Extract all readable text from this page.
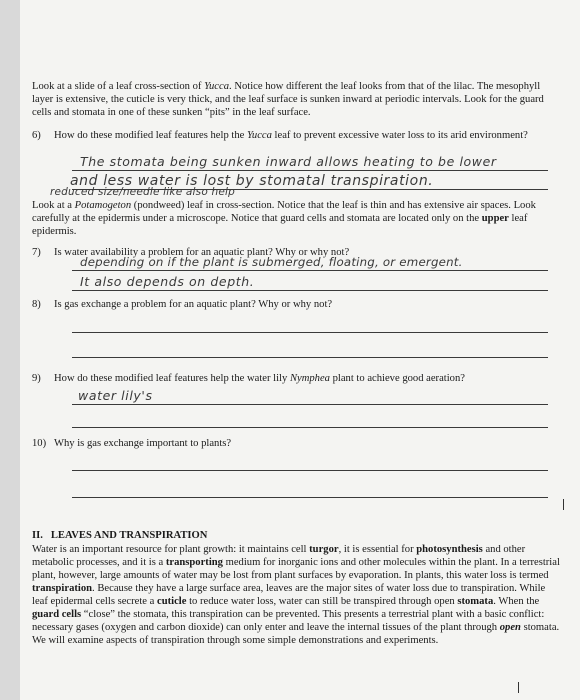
Look at a slide of a leaf cross-section of Yucca. Notice how different the leaf looks from that of the lilac. The mesophyll layer is extensive, the cuticle is very thick, and the leaf surface is sunken inward at periodic intervals. Look for the guard cells and stomata in one of these sunken “pits” in the leaf surface.

6) How do these modified leaf features help the Yucca leaf to prevent excessive water loss to its arid environment?
The stomata being sunken inward allows heating to be lower
and less water is lost by stomatal transpiration.
reduced size/needle like also help

Look at a Potamogeton (pondweed) leaf in cross-section. Notice that the leaf is thin and has extensive air spaces. Look carefully at the epidermis under a microscope. Notice that guard cells and stomata are located only on the upper leaf epidermis.

7) Is water availability a problem for an aquatic plant? Why or why not?
depending on if the plant is submerged, floating, or emergent.
It also depends on depth.
8) Is gas exchange a problem for an aquatic plant? Why or why not?
9) How do these modified leaf features help the water lily Nymphea plant to achieve good aeration?
water lily's
10) Why is gas exchange important to plants?
II.   LEAVES AND TRANSPIRATION

Water is an important resource for plant growth: it maintains cell turgor, it is essential for photosynthesis and other metabolic processes, and it is a transporting medium for inorganic ions and other molecules within the plant. In a terrestrial plant, however, large amounts of water may be lost from plant surfaces by evaporation. In plants, this water loss is termed transpiration. Because they have a large surface area, leaves are the major sites of water loss due to transpiration. While leaf epidermal cells secrete a cuticle to reduce water loss, water can still be transpired through open stomata. When the guard cells “close” the stomata, this transpiration can be prevented. This presents a terrestrial plant with a basic conflict: necessary gases (oxygen and carbon dioxide) can only enter and leave the internal tissues of the plant through open stomata. We will examine aspects of transpiration through some simple demonstrations and experiments.
